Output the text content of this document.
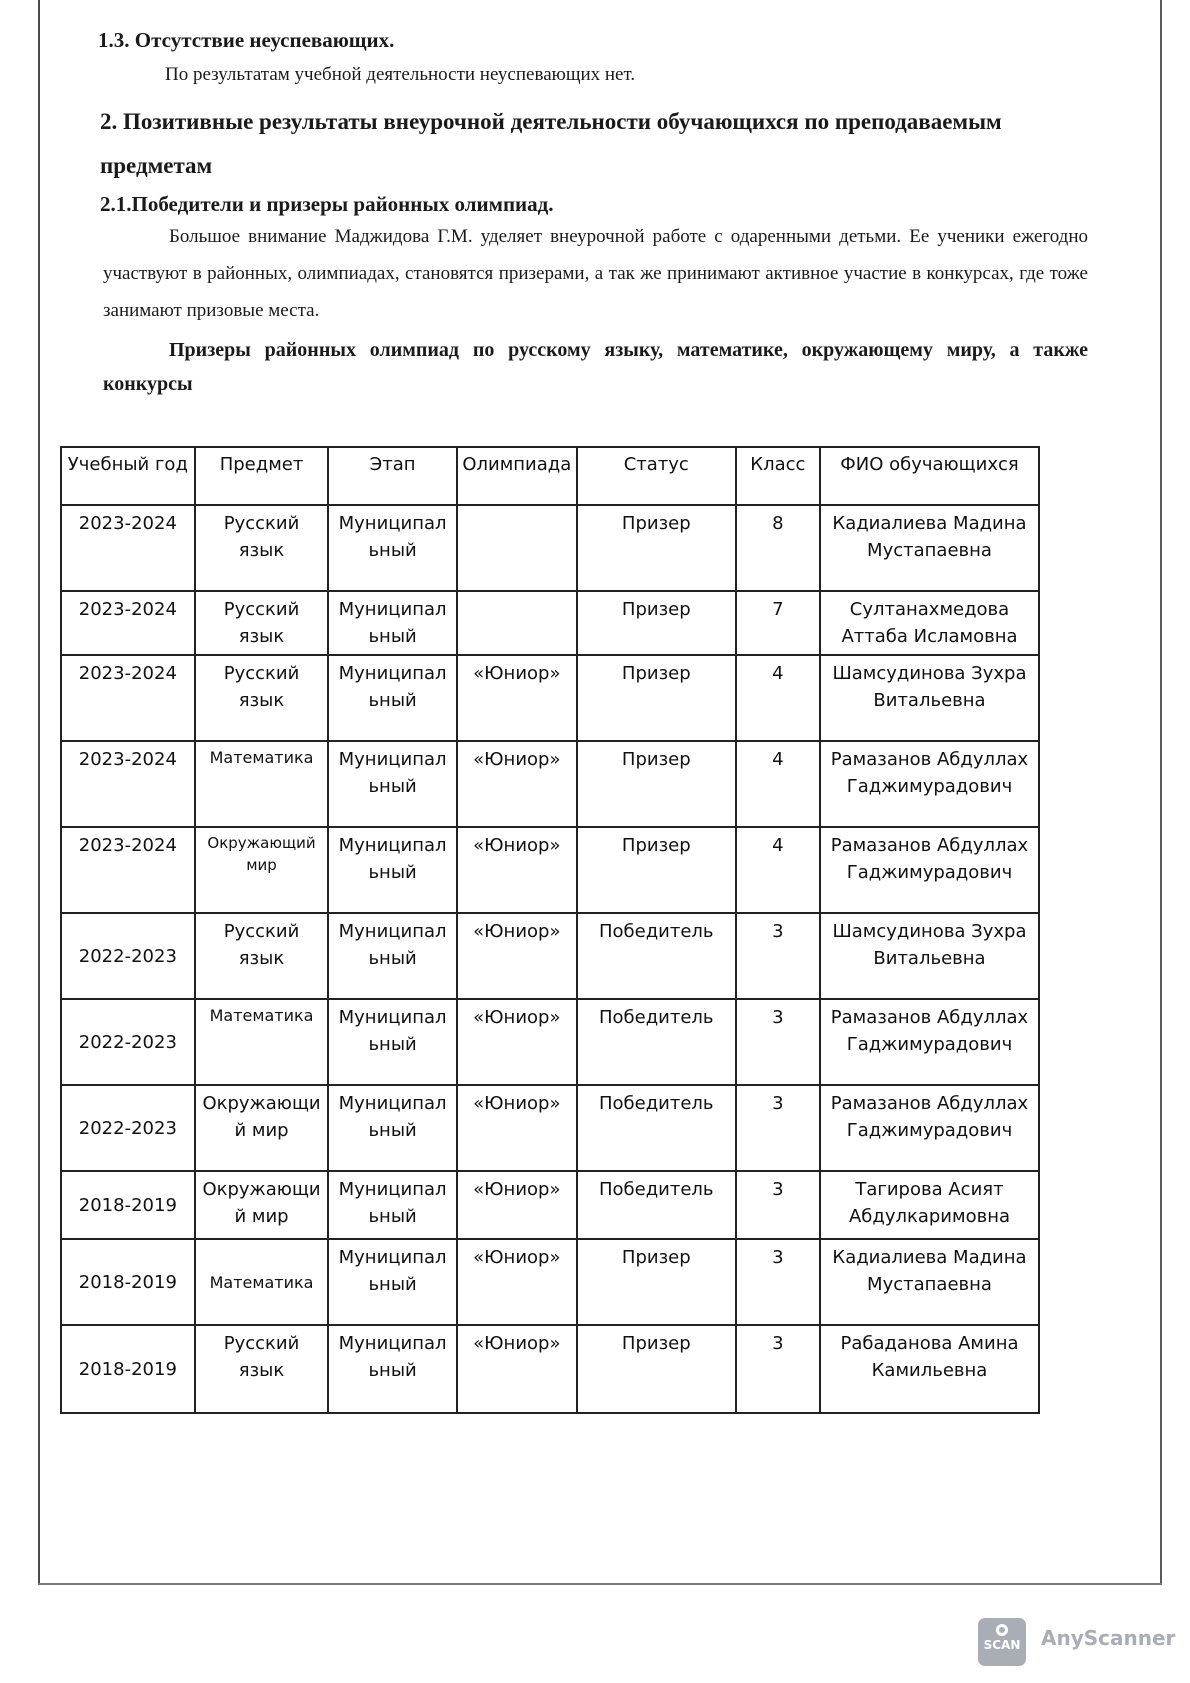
1.3. Отсутствие неуспевающих.

По результатам учебной деятельности неуспевающих нет.

2. Позитивные результаты внеурочной деятельности обучающихся по преподаваемым предметам
2.1.Победители и призеры районных олимпиад.

Большое внимание Маджидова Г.М. уделяет внеурочной работе с одаренными детьми. Ее ученики ежегодно участвуют в районных, олимпиадах, становятся призерами, а так же принимают активное участие в конкурсах, где тоже занимают призовые места.

Призеры районных олимпиад по русскому языку, математике, окружающему миру, а также конкурсы

Учебный год	Предмет	Этап	Олимпиада	Статус	Класс	ФИО обучающихся
2023-2024	Русский язык	Муниципальный		Призер	8	Кадиалиева Мадина Мустапаевна
2023-2024	Русский язык	Муниципальный		Призер	7	Султанахмедова Аттаба Исламовна
2023-2024	Русский язык	Муниципальный	«Юниор»	Призер	4	Шамсудинова Зухра Витальевна
2023-2024	Математика	Муниципальный	«Юниор»	Призер	4	Рамазанов Абдуллах Гаджимурадович
2023-2024	Окружающий мир	Муниципальный	«Юниор»	Призер	4	Рамазанов Абдуллах Гаджимурадович
2022-2023	Русский язык	Муниципальный	«Юниор»	Победитель	3	Шамсудинова Зухра Витальевна
2022-2023	Математика	Муниципальный	«Юниор»	Победитель	3	Рамазанов Абдуллах Гаджимурадович
2022-2023	Окружающий мир	Муниципальный	«Юниор»	Победитель	3	Рамазанов Абдуллах Гаджимурадович
2018-2019	Окружающий мир	Муниципальный	«Юниор»	Победитель	3	Тагирова Асият Абдулкаримовна
2018-2019	Математика	Муниципальный	«Юниор»	Призер	3	Кадиалиева Мадина Мустапаевна
2018-2019	Русский язык	Муниципальный	«Юниор»	Призер	3	Рабаданова Амина Камильевна
SCAN AnyScanner
